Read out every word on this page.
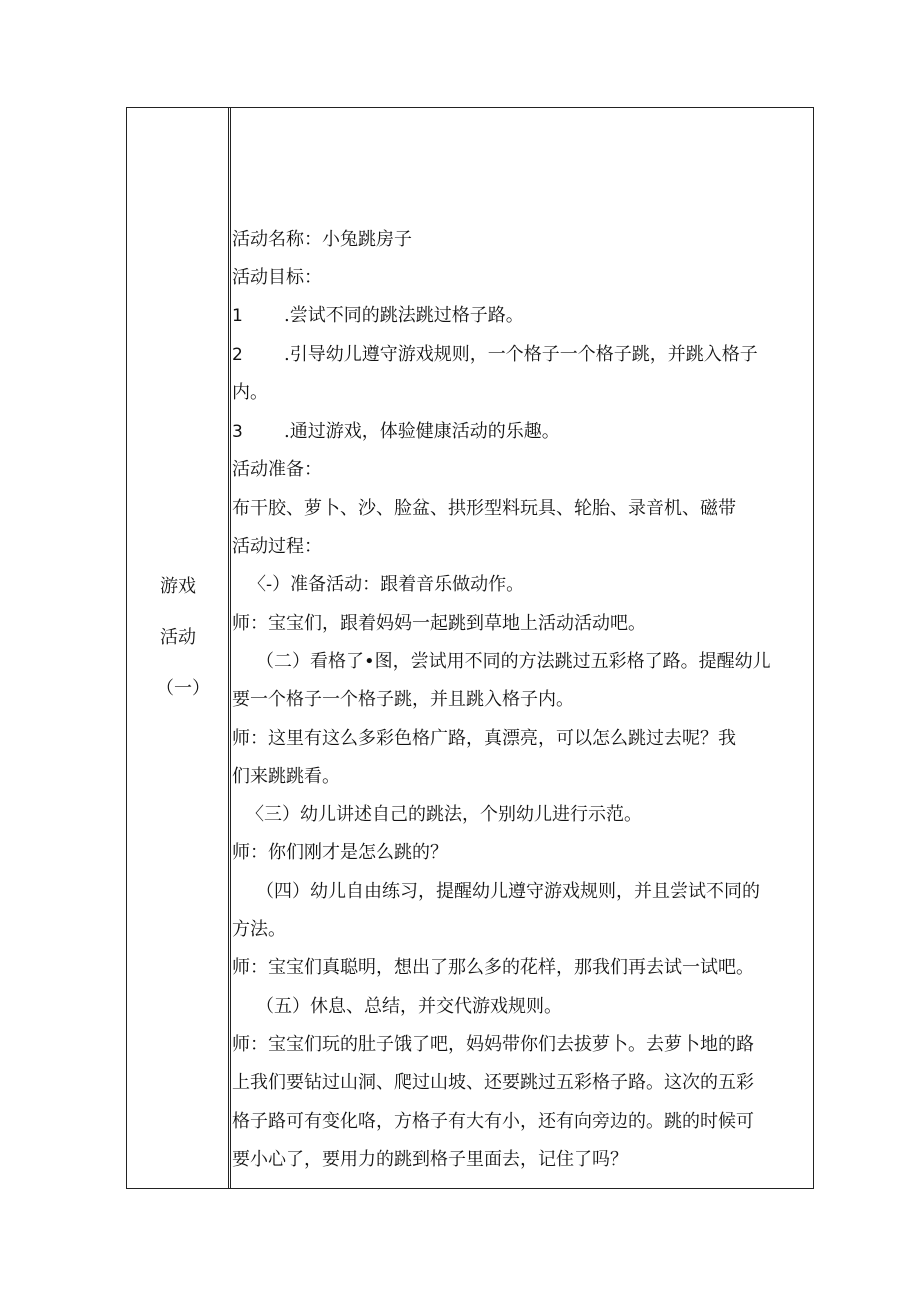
游戏
活动
（一）
活动名称：小兔跳房子
活动目标：
1 .尝试不同的跳法跳过格子路。
2 .引导幼儿遵守游戏规则，一个格子一个格子跳，并跳入格子
内。
3 .通过游戏，体验健康活动的乐趣。
活动准备：
布干胶、萝卜、沙、脸盆、拱形型料玩具、轮胎、录音机、磁带
活动过程：
〈-）准备活动：跟着音乐做动作。
师：宝宝们，跟着妈妈一起跳到草地上活动活动吧。
（二）看格了•图，尝试用不同的方法跳过五彩格了路。提醒幼儿
要一个格子一个格子跳，并且跳入格子内。
师：这里有这么多彩色格广路，真漂亮，可以怎么跳过去呢？我
们来跳跳看。
〈三）幼儿讲述自己的跳法，个别幼儿进行示范。
师：你们刚才是怎么跳的？
（四）幼儿自由练习，提醒幼儿遵守游戏规则，并且尝试不同的
方法。
师：宝宝们真聪明，想出了那么多的花样，那我们再去试一试吧。
（五）休息、总结，并交代游戏规则。
师：宝宝们玩的肚子饿了吧，妈妈带你们去拔萝卜。去萝卜地的路
上我们要钻过山洞、爬过山坡、还要跳过五彩格子路。这次的五彩
格子路可有变化咯，方格子有大有小，还有向旁边的。跳的时候可
要小心了，要用力的跳到格子里面去，记住了吗？
